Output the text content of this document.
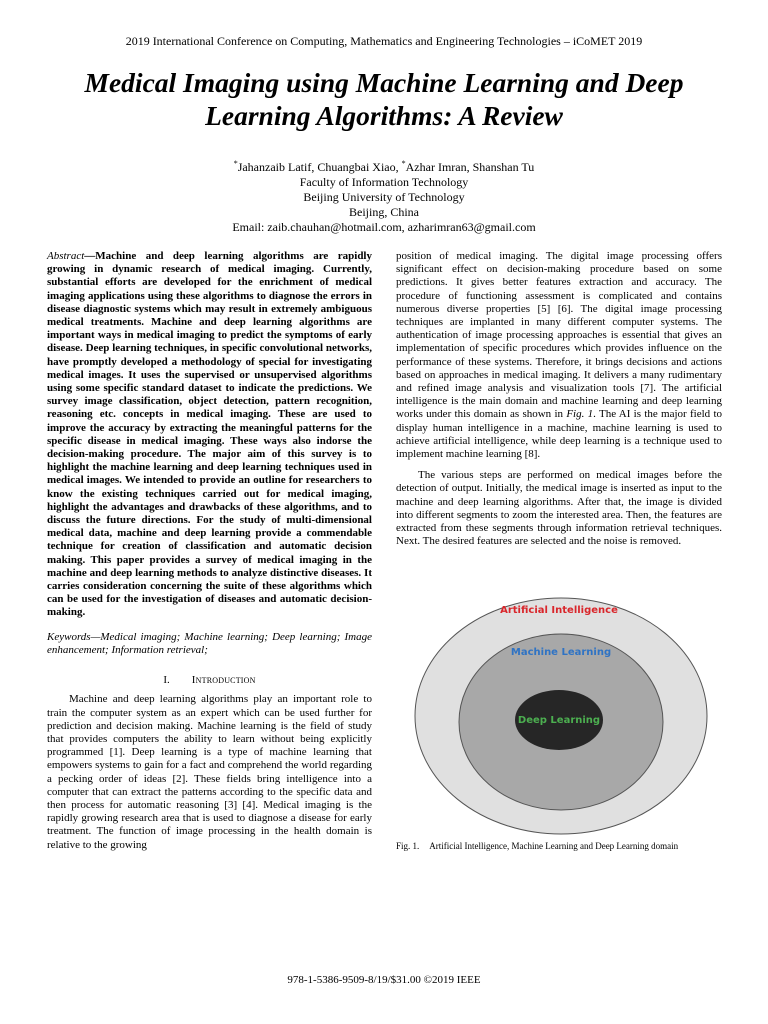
2019 International Conference on Computing, Mathematics and Engineering Technologies – iCoMET 2019
Medical Imaging using Machine Learning and Deep Learning Algorithms: A Review
*Jahanzaib Latif, Chuangbai Xiao, *Azhar Imran, Shanshan Tu
Faculty of Information Technology
Beijing University of Technology
Beijing, China
Email: zaib.chauhan@hotmail.com, azharimran63@gmail.com

Abstract—Machine and deep learning algorithms are rapidly growing in dynamic research of medical imaging. Currently, substantial efforts are developed for the enrichment of medical imaging applications using these algorithms to diagnose the errors in disease diagnostic systems which may result in extremely ambiguous medical treatments. Machine and deep learning algorithms are important ways in medical imaging to predict the symptoms of early disease. Deep learning techniques, in specific convolutional networks, have promptly developed a methodology of special for investigating medical images. It uses the supervised or unsupervised algorithms using some specific standard dataset to indicate the predictions. We survey image classification, object detection, pattern recognition, reasoning etc. concepts in medical imaging. These are used to improve the accuracy by extracting the meaningful patterns for the specific disease in medical imaging. These ways also indorse the decision-making procedure. The major aim of this survey is to highlight the machine learning and deep learning techniques used in medical images. We intended to provide an outline for researchers to know the existing techniques carried out for medical imaging, highlight the advantages and drawbacks of these algorithms, and to discuss the future directions. For the study of multi-dimensional medical data, machine and deep learning provide a commendable technique for creation of classification and automatic decision making. This paper provides a survey of medical imaging in the machine and deep learning methods to analyze distinctive diseases. It carries consideration concerning the suite of these algorithms which can be used for the investigation of diseases and automatic decision-making.

Keywords—Medical imaging; Machine learning; Deep learning; Image enhancement; Information retrieval;

I. Introduction

Machine and deep learning algorithms play an important role to train the computer system as an expert which can be used further for prediction and decision making. Machine learning is the field of study that provides computers the ability to learn without being explicitly programmed [1]. Deep learning is a type of machine learning that empowers systems to gain for a fact and comprehend the world regarding a pecking order of ideas [2]. These fields bring intelligence into a computer that can extract the patterns according to the specific data and then process for automatic reasoning [3] [4]. Medical imaging is the rapidly growing research area that is used to diagnose a disease for early treatment. The function of image processing in the health domain is relative to the growing

position of medical imaging. The digital image processing offers significant effect on decision-making procedure based on some predictions. It gives better features extraction and accuracy. The procedure of functioning assessment is complicated and contains numerous diverse properties [5] [6]. The digital image processing techniques are implanted in many different computer systems. The authentication of image processing approaches is essential that gives an implementation of specific procedures which provides influence on the performance of these systems. Therefore, it brings decisions and actions based on approaches in medical imaging. It delivers a many rudimentary and refined image analysis and visualization tools [7]. The artificial intelligence is the main domain and machine learning and deep learning works under this domain as shown in Fig. 1. The AI is the major field to display human intelligence in a machine, machine learning is used to achieve artificial intelligence, while deep learning is a technique used to implement machine learning [8].

The various steps are performed on medical images before the detection of output. Initially, the medical image is inserted as input to the machine and deep learning algorithms. After that, the image is divided into different segments to zoom the interested area. Then, the features are extracted from these segments through information retrieval techniques. Next. The desired features are selected and the noise is removed.

Artificial Intelligence
Machine Learning
Deep Learning
Fig. 1. Artificial Intelligence, Machine Learning and Deep Learning domain
978-1-5386-9509-8/19/$31.00 ©2019 IEEE
